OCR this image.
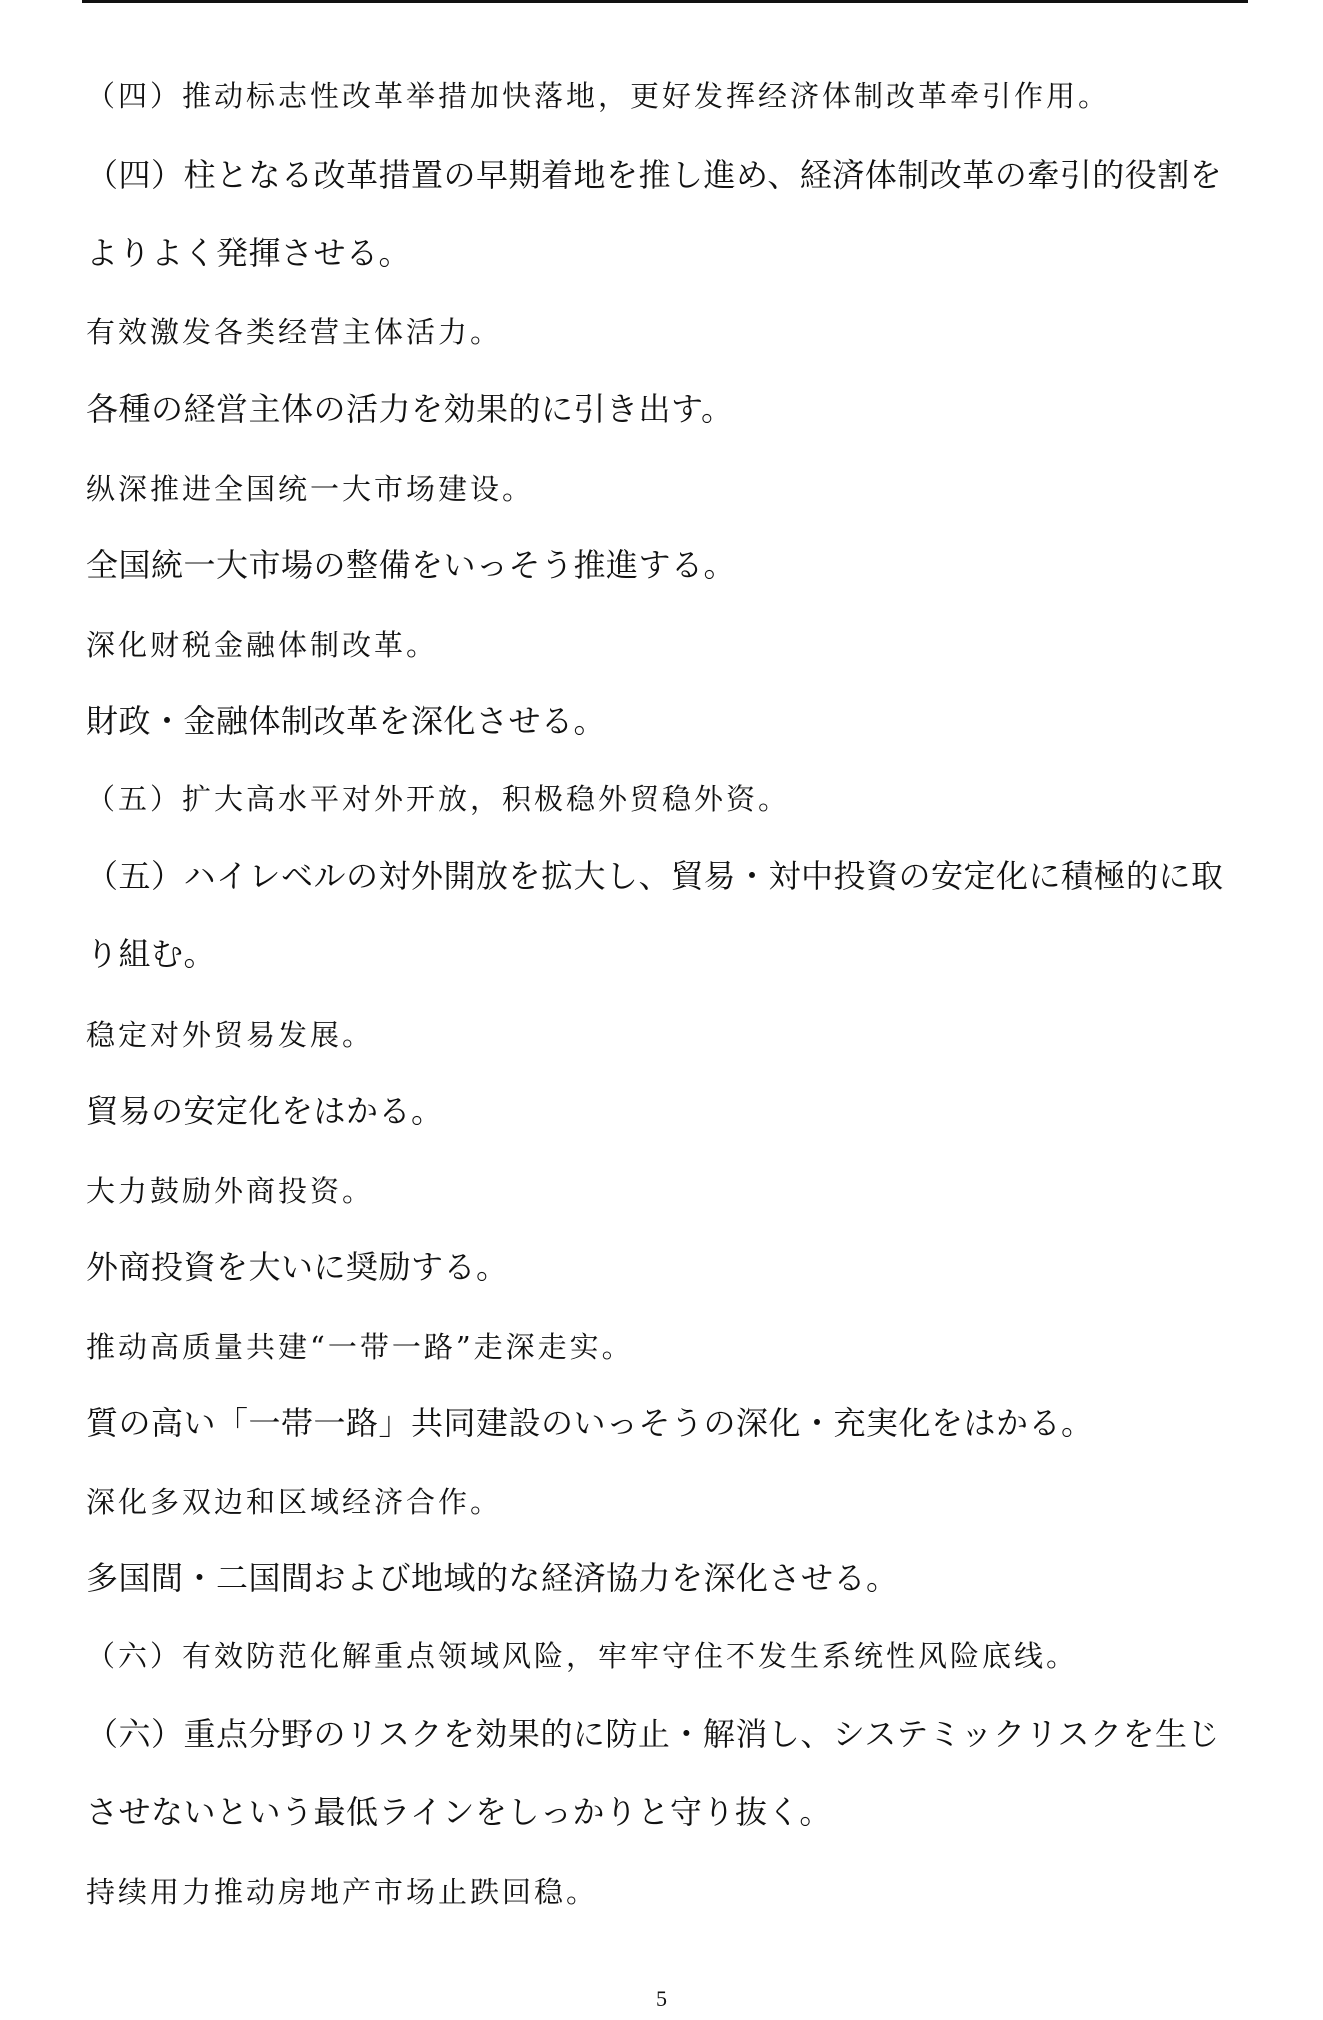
（四）推动标志性改革举措加快落地，更好发挥经济体制改革牵引作用。
（四）柱となる改革措置の早期着地を推し進め、経済体制改革の牽引的役割を
よりよく発揮させる。
有效激发各类经营主体活力。
各種の経営主体の活力を効果的に引き出す。
纵深推进全国统一大市场建设。
全国統一大市場の整備をいっそう推進する。
深化财税金融体制改革。
財政・金融体制改革を深化させる。
（五）扩大高水平对外开放，积极稳外贸稳外资。
（五）ハイレベルの対外開放を拡大し、貿易・対中投資の安定化に積極的に取
り組む。
稳定对外贸易发展。
貿易の安定化をはかる。
大力鼓励外商投资。
外商投資を大いに奨励する。
推动高质量共建“一带一路”走深走实。
質の高い「一帯一路」共同建設のいっそうの深化・充実化をはかる。
深化多双边和区域经济合作。
多国間・二国間および地域的な経済協力を深化させる。
（六）有效防范化解重点领域风险，牢牢守住不发生系统性风险底线。
（六）重点分野のリスクを効果的に防止・解消し、システミックリスクを生じ
させないという最低ラインをしっかりと守り抜く。
持续用力推动房地产市场止跌回稳。
5
